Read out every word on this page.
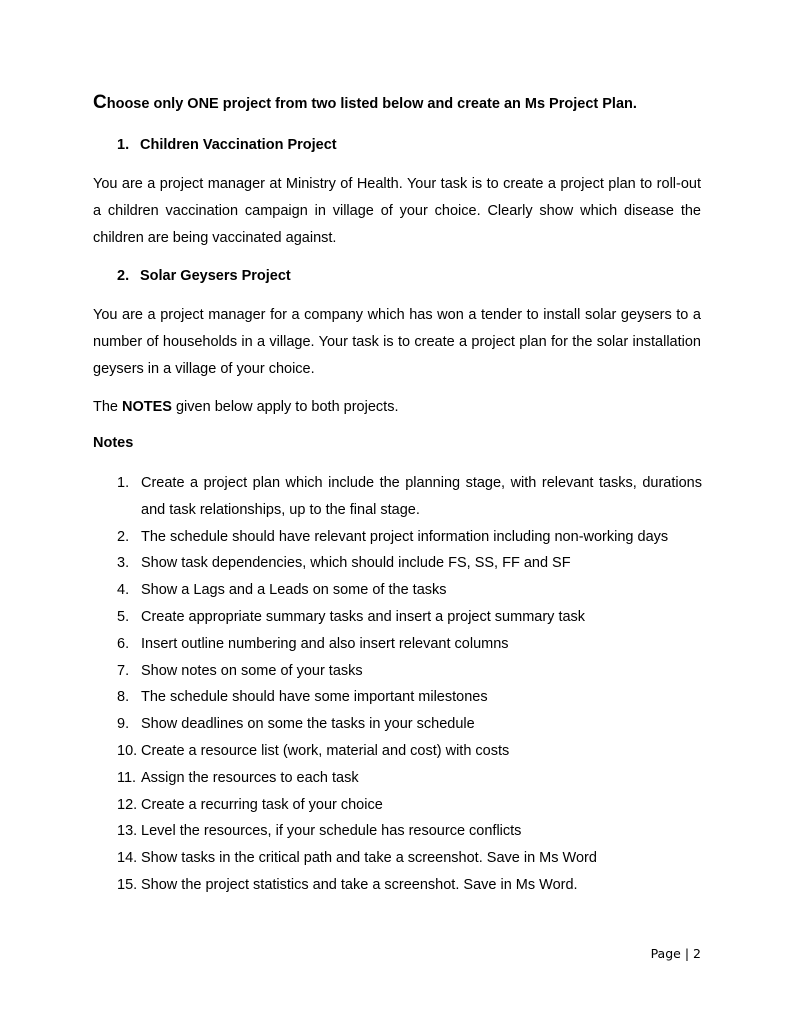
Choose only ONE project from two listed below and create an Ms Project Plan.
1. Children Vaccination Project
You are a project manager at Ministry of Health. Your task is to create a project plan to roll-out a children vaccination campaign in village of your choice. Clearly show which disease the children are being vaccinated against.
2. Solar Geysers Project
You are a project manager for a company which has won a tender to install solar geysers to a number of households in a village. Your task is to create a project plan for the solar installation geysers in a village of your choice.
The NOTES given below apply to both projects.
Notes
1. Create a project plan which include the planning stage, with relevant tasks, durations and task relationships, up to the final stage.
2. The schedule should have relevant project information including non-working days
3. Show task dependencies, which should include FS, SS, FF and SF
4. Show a Lags and a Leads on some of the tasks
5. Create appropriate summary tasks and insert a project summary task
6. Insert outline numbering and also insert relevant columns
7. Show notes on some of your tasks
8. The schedule should have some important milestones
9. Show deadlines on some the tasks in your schedule
10. Create a resource list (work, material and cost) with costs
11. Assign the resources to each task
12. Create a recurring task of your choice
13. Level the resources, if your schedule has resource conflicts
14. Show tasks in the critical path and take a screenshot. Save in Ms Word
15. Show the project statistics and take a screenshot. Save in Ms Word.
Page | 2
